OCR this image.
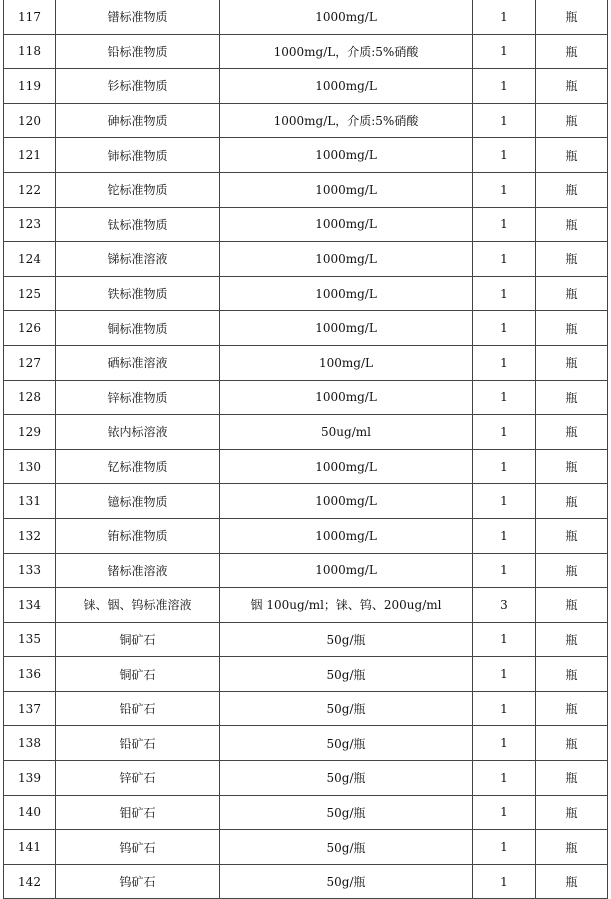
117	镨标准物质	1000mg/L	1	瓶
118	铅标准物质	1000mg/L，介质:5%硝酸	1	瓶
119	钐标准物质	1000mg/L	1	瓶
120	砷标准物质	1000mg/L，介质:5%硝酸	1	瓶
121	铈标准物质	1000mg/L	1	瓶
122	铊标准物质	1000mg/L	1	瓶
123	钛标准物质	1000mg/L	1	瓶
124	锑标准溶液	1000mg/L	1	瓶
125	铁标准物质	1000mg/L	1	瓶
126	铜标准物质	1000mg/L	1	瓶
127	硒标准溶液	100mg/L	1	瓶
128	锌标准物质	1000mg/L	1	瓶
129	铱内标溶液	50ug/ml	1	瓶
130	钇标准物质	1000mg/L	1	瓶
131	镱标准物质	1000mg/L	1	瓶
132	铕标准物质	1000mg/L	1	瓶
133	锗标准溶液	1000mg/L	1	瓶
134	铼、铟、钨标准溶液	铟 100ug/ml；铼、钨、200ug/ml	3	瓶
135	铜矿石	50g/瓶	1	瓶
136	铜矿石	50g/瓶	1	瓶
137	铅矿石	50g/瓶	1	瓶
138	铅矿石	50g/瓶	1	瓶
139	锌矿石	50g/瓶	1	瓶
140	钼矿石	50g/瓶	1	瓶
141	钨矿石	50g/瓶	1	瓶
142	钨矿石	50g/瓶	1	瓶
